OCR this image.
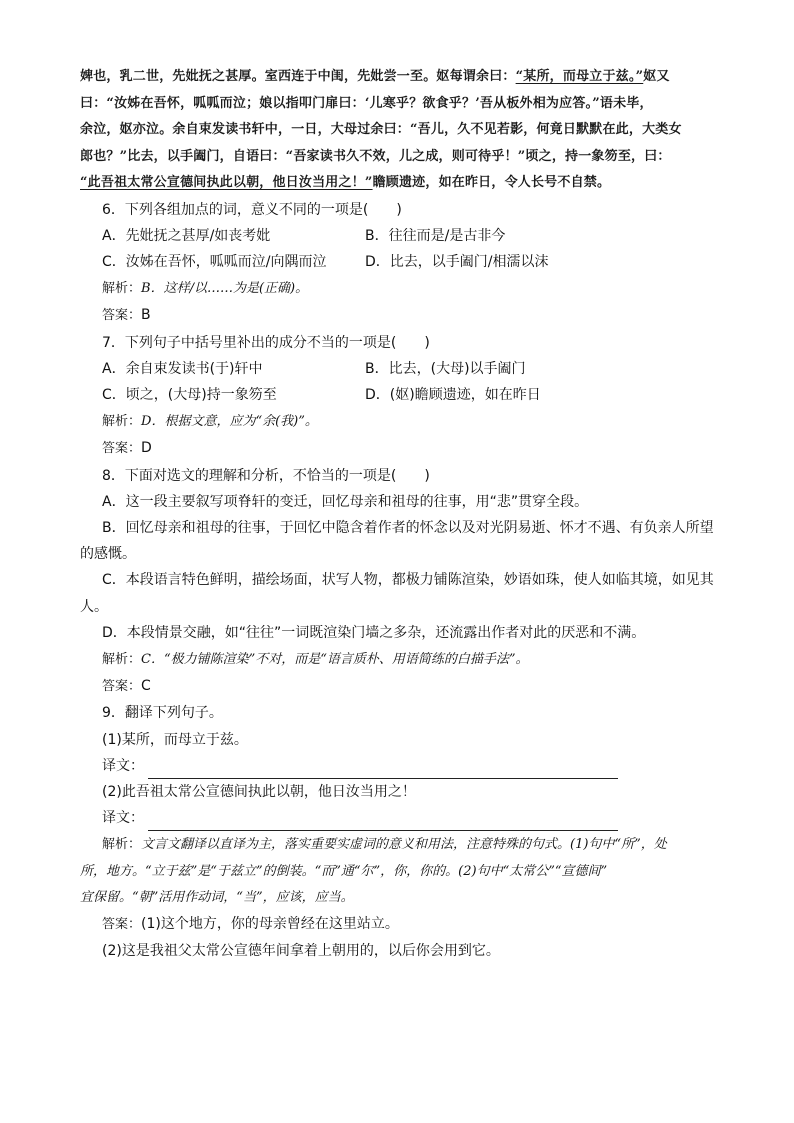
婢也，乳二世，先妣抚之甚厚。室西连于中闺，先妣尝一至。妪每谓余曰：“某所，而母立于兹。”妪又

曰：“汝姊在吾怀，呱呱而泣；娘以指叩门扉曰：‘儿寒乎？欲食乎？’吾从板外相为应答。”语未毕，

余泣，妪亦泣。余自束发读书轩中，一日，大母过余曰：“吾儿，久不见若影，何竟日默默在此，大类女

郎也？”比去，以手阖门，自语曰：“吾家读书久不效，儿之成，则可待乎！”顷之，持一象笏至，曰：

“此吾祖太常公宣德间执此以朝，他日汝当用之！”瞻顾遗迹，如在昨日，令人长号不自禁。

6．下列各组加点的词，意义不同的一项是(　　)

A．先妣抚之甚厚/如丧考妣	B．往往而是/是古非今
C．汝姊在吾怀，呱呱而泣/向隅而泣	D．比去，以手阖门/相濡以沫

解析：B．这样/以……为是(正确)。

答案：B

7．下列句子中括号里补出的成分不当的一项是(　　)

A．余自束发读书(于)轩中	B．比去，(大母)以手阖门
C．顷之，(大母)持一象笏至	D．(妪)瞻顾遗迹，如在昨日

解析：D．根据文意，应为“余(我)”。

答案：D

8．下面对选文的理解和分析，不恰当的一项是(　　)

A．这一段主要叙写项脊轩的变迁，回忆母亲和祖母的往事，用“悲”贯穿全段。

B．回忆母亲和祖母的往事，于回忆中隐含着作者的怀念以及对光阴易逝、怀才不遇、有负亲人所望

的感慨。

C．本段语言特色鲜明，描绘场面，状写人物，都极力铺陈渲染，妙语如珠，使人如临其境，如见其

人。

D．本段情景交融，如“往往”一词既渲染门墙之多杂，还流露出作者对此的厌恶和不满。

解析：C．“极力铺陈渲染”不对，而是“语言质朴、用语简练的白描手法”。

答案：C

9．翻译下列句子。

(1)某所，而母立于兹。

译文：

(2)此吾祖太常公宣德间执此以朝，他日汝当用之！

译文：

解析：文言文翻译以直译为主，落实重要实虚词的意义和用法，注意特殊的句式。(1)句中“所”，处

所，地方。“立于兹”是“于兹立”的倒装。“而”通“尔”，你，你的。(2)句中“太常公”“宣德间”

宜保留。“朝”活用作动词，“当”，应该，应当。

答案：(1)这个地方，你的母亲曾经在这里站立。

(2)这是我祖父太常公宣德年间拿着上朝用的，以后你会用到它。
